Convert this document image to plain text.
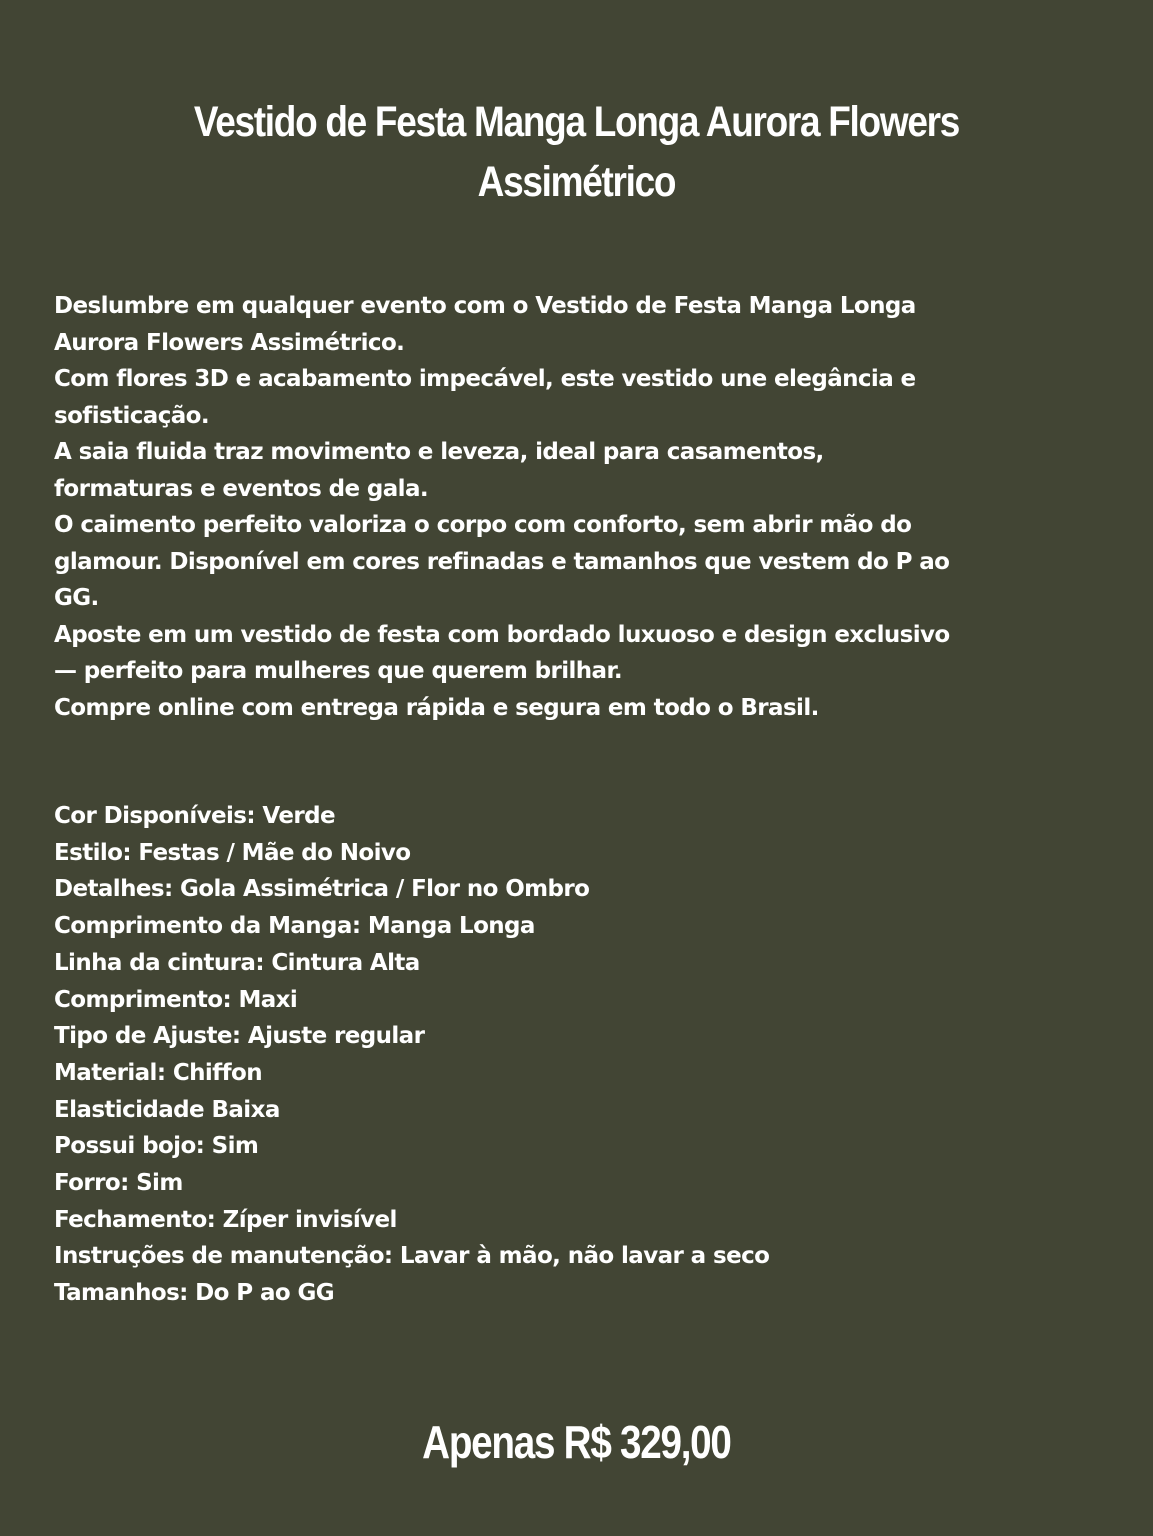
Vestido de Festa Manga Longa Aurora Flowers
Assimétrico
Deslumbre em qualquer evento com o Vestido de Festa Manga Longa
Aurora Flowers Assimétrico.
Com flores 3D e acabamento impecável, este vestido une elegância e
sofisticação.
A saia fluida traz movimento e leveza, ideal para casamentos,
formaturas e eventos de gala.
O caimento perfeito valoriza o corpo com conforto, sem abrir mão do
glamour. Disponível em cores refinadas e tamanhos que vestem do P ao
GG.
Aposte em um vestido de festa com bordado luxuoso e design exclusivo
— perfeito para mulheres que querem brilhar.
Compre online com entrega rápida e segura em todo o Brasil.
Cor Disponíveis: Verde
Estilo: Festas / Mãe do Noivo
Detalhes: Gola Assimétrica / Flor no Ombro
Comprimento da Manga: Manga Longa
Linha da cintura: Cintura Alta
Comprimento: Maxi
Tipo de Ajuste: Ajuste regular
Material: Chiffon
Elasticidade Baixa
Possui bojo: Sim
Forro: Sim
Fechamento: Zíper invisível
Instruções de manutenção: Lavar à mão, não lavar a seco
Tamanhos: Do P ao GG
Apenas R$ 329,00
